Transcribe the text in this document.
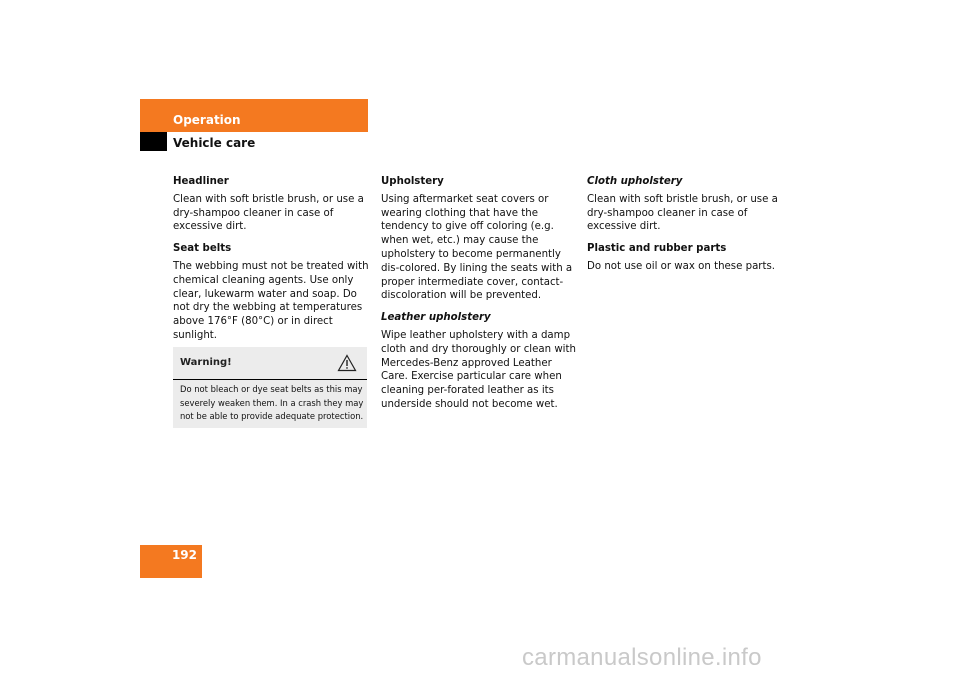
Operation
Vehicle care

Headliner

Clean with soft bristle brush, or use a dry-shampoo cleaner in case of excessive dirt.

Seat belts

The webbing must not be treated with chemical cleaning agents. Use only clear, lukewarm water and soap. Do not dry the webbing at temperatures above 176°F (80°C) or in direct sunlight.

Warning!
Do not bleach or dye seat belts as this may severely weaken them. In a crash they may not be able to provide adequate protection.

Upholstery

Using aftermarket seat covers or wearing clothing that have the tendency to give off coloring (e.g. when wet, etc.) may cause the upholstery to become permanently dis-colored. By lining the seats with a proper intermediate cover, contact-discoloration will be prevented.

Leather upholstery

Wipe leather upholstery with a damp cloth and dry thoroughly or clean with Mercedes-Benz approved Leather Care. Exercise particular care when cleaning per-forated leather as its underside should not become wet.

Cloth upholstery

Clean with soft bristle brush, or use a dry-shampoo cleaner in case of excessive dirt.

Plastic and rubber parts

Do not use oil or wax on these parts.

192
carmanualsonline.info
